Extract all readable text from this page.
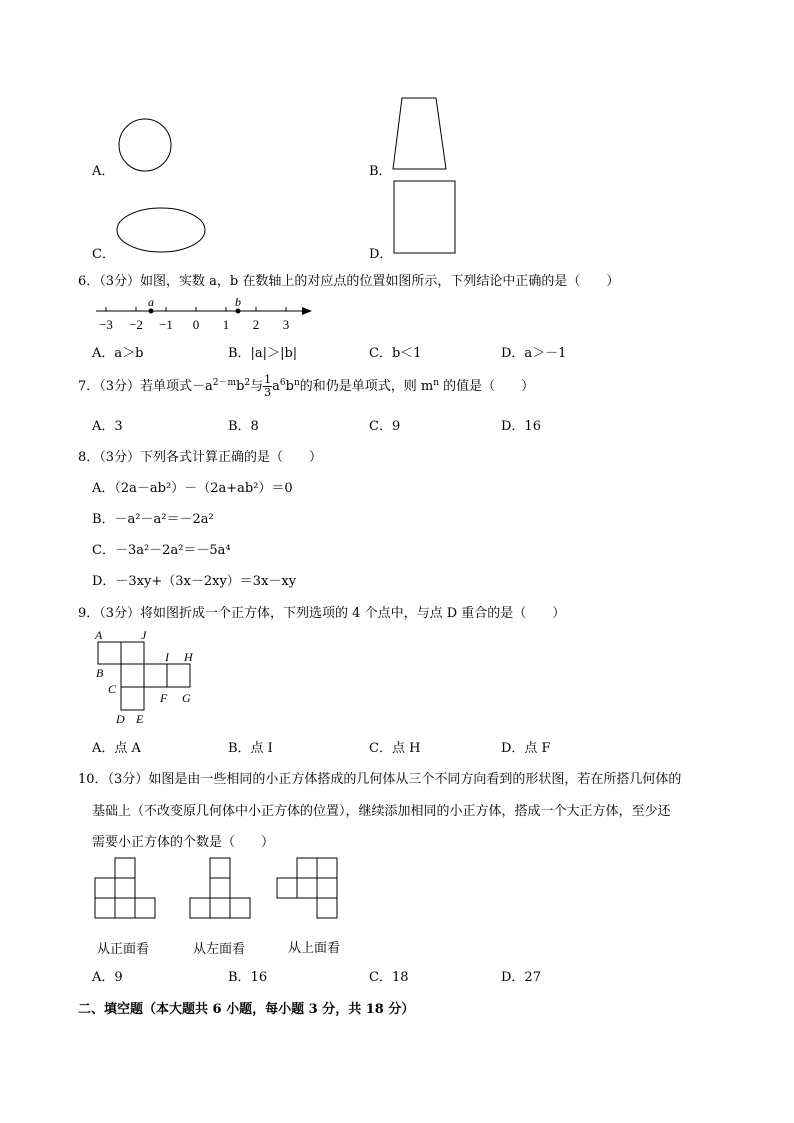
A．	B．
C．	D．
6．（3分）如图，实数 a，b 在数轴上的对应点的位置如图所示，下列结论中正确的是（　　）
−3 −2 −1 0 1 2 3
a	b
A．a＞b	B．|a|＞|b|	C．b＜1	D．a＞－1
7．（3分）若单项式$-a^{2-m}b^2$与 $\frac{1}{3} a^6b^n$的和仍是单项式，则 $m^n$ 的值是（　　）
A．3	B．8	C．9	D．16
8．（3分）下列各式计算正确的是（　　）
A．（2a－ab²）－（2a+ab²）＝0
B．－a²－a²＝－2a²
C．－3a²－2a²＝－5a⁴
D．－3xy+（3x－2xy）＝3x－xy
9．（3分）将如图折成一个正方体，下列选项的 4 个点中，与点 D 重合的是（　　）
A	J
I H
B
C
F G
D E
A．点 A	B．点 I	C．点 H	D．点 F
10．（3分）如图是由一些相同的小正方体搭成的几何体从三个不同方向看到的形状图，若在所搭几何体的
基础上（不改变原几何体中小正方体的位置），继续添加相同的小正方体，搭成一个大正方体，至少还
需要小正方体的个数是（　　）
从正面看	从左面看	从上面看
A．9	B．16	C．18	D．27
二、填空题（本大题共 6 小题，每小题 3 分，共 18 分）
